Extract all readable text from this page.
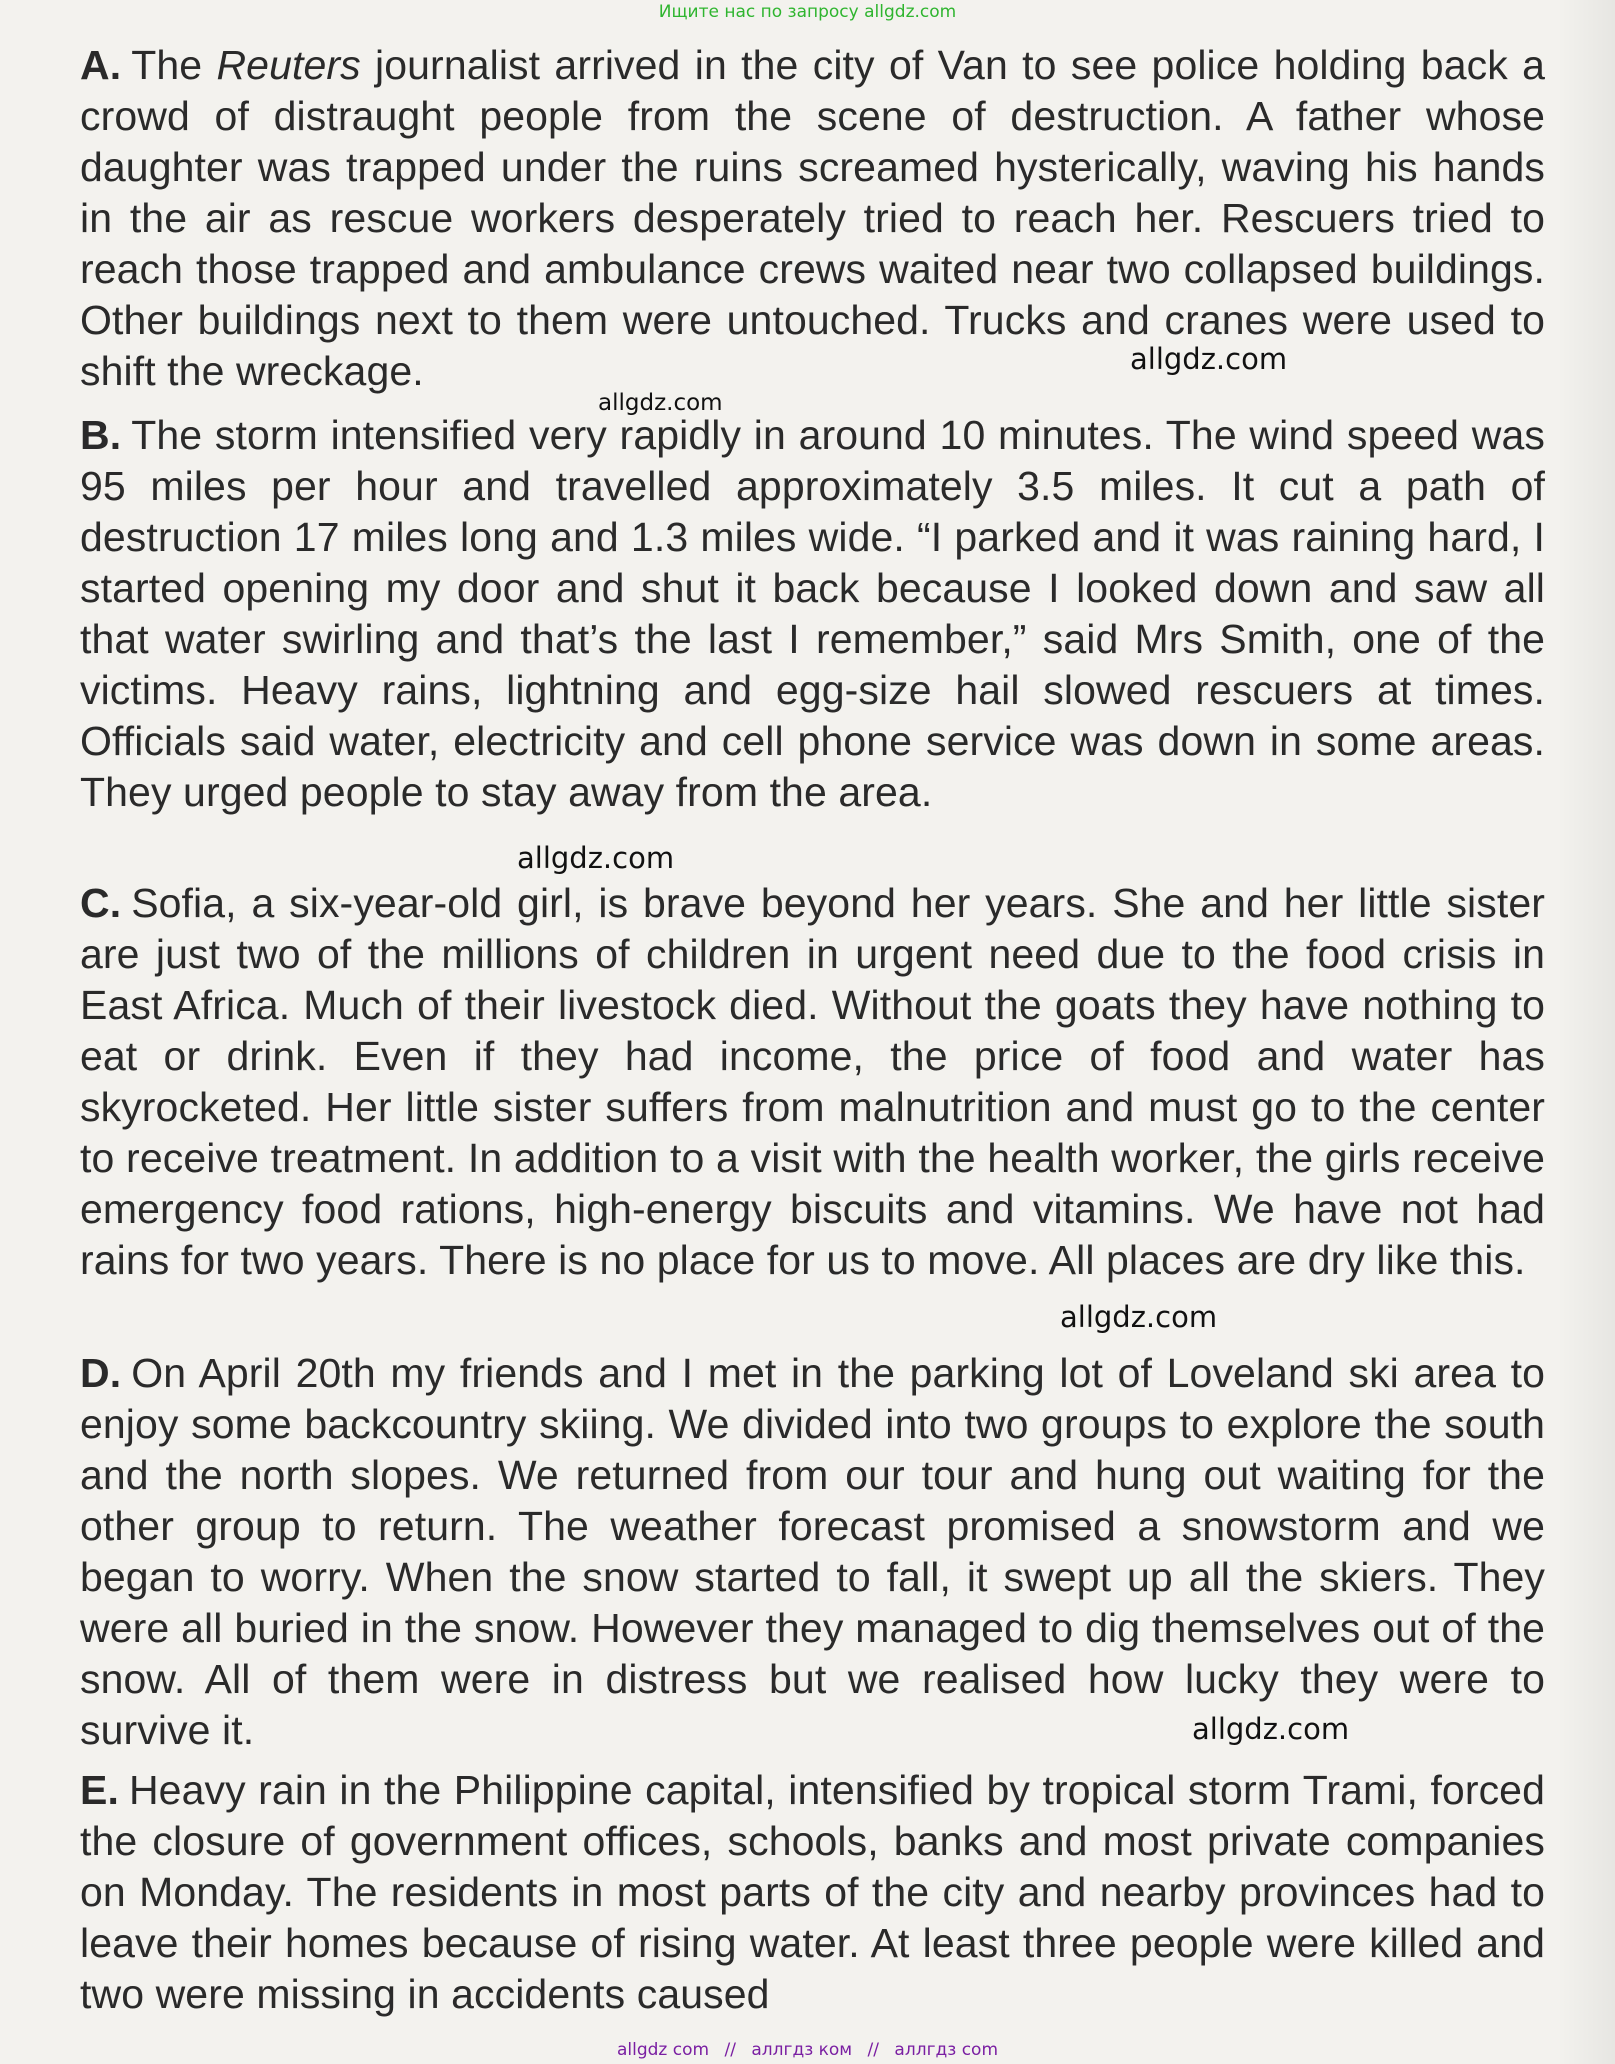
Ищите нас по запросу allgdz.com
A. The Reuters journalist arrived in the city of Van to see police holding back a crowd of distraught people from the scene of destruction. A father whose daughter was trapped under the ruins screamed hysterically, waving his hands in the air as rescue workers desperately tried to reach her. Rescuers tried to reach those trapped and ambulance crews waited near two collapsed buildings. Other buildings next to them were untouched. Trucks and cranes were used to shift the wreckage.
B. The storm intensified very rapidly in around 10 minutes. The wind speed was 95 miles per hour and travelled approximately 3.5 miles. It cut a path of destruction 17 miles long and 1.3 miles wide. “I parked and it was raining hard, I started opening my door and shut it back because I looked down and saw all that water swirling and that’s the last I remember,” said Mrs Smith, one of the victims. Heavy rains, lightning and egg-size hail slowed rescuers at times. Officials said water, electricity and cell phone service was down in some areas. They urged people to stay away from the area.
C. Sofia, a six-year-old girl, is brave beyond her years. She and her little sister are just two of the millions of children in urgent need due to the food crisis in East Africa. Much of their livestock died. Without the goats they have nothing to eat or drink. Even if they had income, the price of food and water has skyrocketed. Her little sister suffers from malnutrition and must go to the center to receive treatment. In addition to a visit with the health worker, the girls receive emergency food rations, high-energy biscuits and vitamins. We have not had rains for two years. There is no place for us to move. All places are dry like this.
D. On April 20th my friends and I met in the parking lot of Loveland ski area to enjoy some backcountry skiing. We divided into two groups to explore the south and the north slopes. We returned from our tour and hung out waiting for the other group to return. The weather forecast promised a snowstorm and we began to worry. When the snow started to fall, it swept up all the skiers. They were all buried in the snow. However they managed to dig themselves out of the snow. All of them were in distress but we realised how lucky they were to survive it.
E. Heavy rain in the Philippine capital, intensified by tropical storm Trami, forced the closure of government offices, schools, banks and most private companies on Monday. The residents in most parts of the city and nearby provinces had to leave their homes because of rising water. At least three people were killed and two were missing in accidents caused
allgdz.com
allgdz.com
allgdz.com
allgdz.com
allgdz.com
allgdz com // аллгдз ком // аллгдз com
